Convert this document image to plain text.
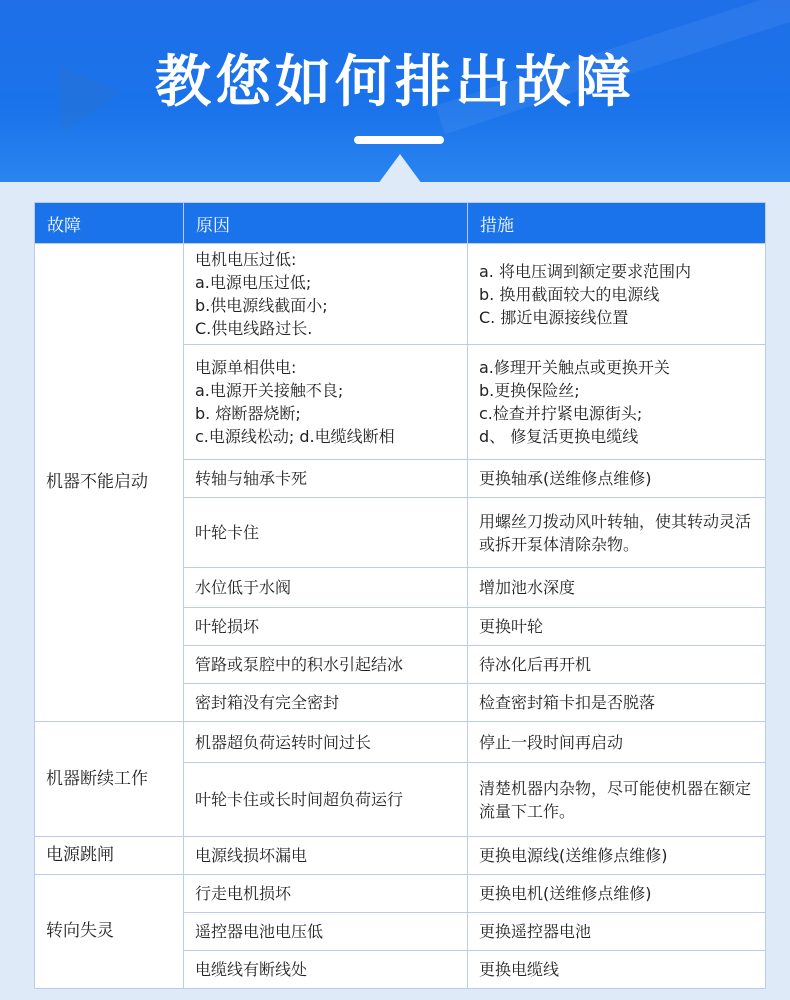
教您如何排出故障
故障	原因	措施
机器不能启动	电机电压过低:
a.电源电压过低;
b.供电源线截面小;
C.供电线路过长.	a. 将电压调到额定要求范围内
b. 换用截面较大的电源线
C. 挪近电源接线位置

	电源单相供电:
a.电源开关接触不良;
b. 熔断器烧断;
c.电源线松动; d.电缆线断相	a.修理开关触点或更换开关
b.更换保险丝;
c.检查并拧紧电源街头;
d、 修复活更换电缆线

	转轴与轴承卡死	更换轴承(送维修点维修)

	叶轮卡住	用螺丝刀拨动风叶转轴，使其转动灵活或拆开泵体清除杂物。

	水位低于水阀	增加池水深度

	叶轮损坏	更换叶轮

	管路或泵腔中的积水引起结冰	待冰化后再开机

	密封箱没有完全密封	检查密封箱卡扣是否脱落

机器断续工作	机器超负荷运转时间过长	停止一段时间再启动

	叶轮卡住或长时间超负荷运行	清楚机器内杂物，尽可能使机器在额定流量下工作。

电源跳闸	电源线损坏漏电	更换电源线(送维修点维修)

转向失灵	行走电机损坏	更换电机(送维修点维修)

	遥控器电池电压低	更换遥控器电池

	电缆线有断线处	更换电缆线
